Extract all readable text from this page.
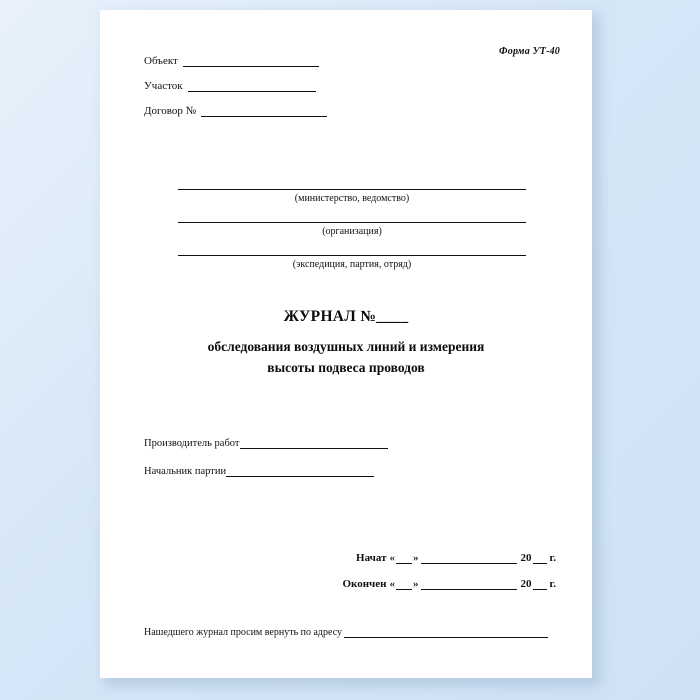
Форма УТ-40
Объект
Участок
Договор №
(министерство, ведомство)
(организация)
(экспедиция, партия, отряд)
ЖУРНАЛ №____
обследования воздушных линий и измерения
высоты подвеса проводов
Производитель работ
Начальник партии
Начат « »	20 г.
Окончен « »	20 г.
Нашедшего журнал просим вернуть по адресу
